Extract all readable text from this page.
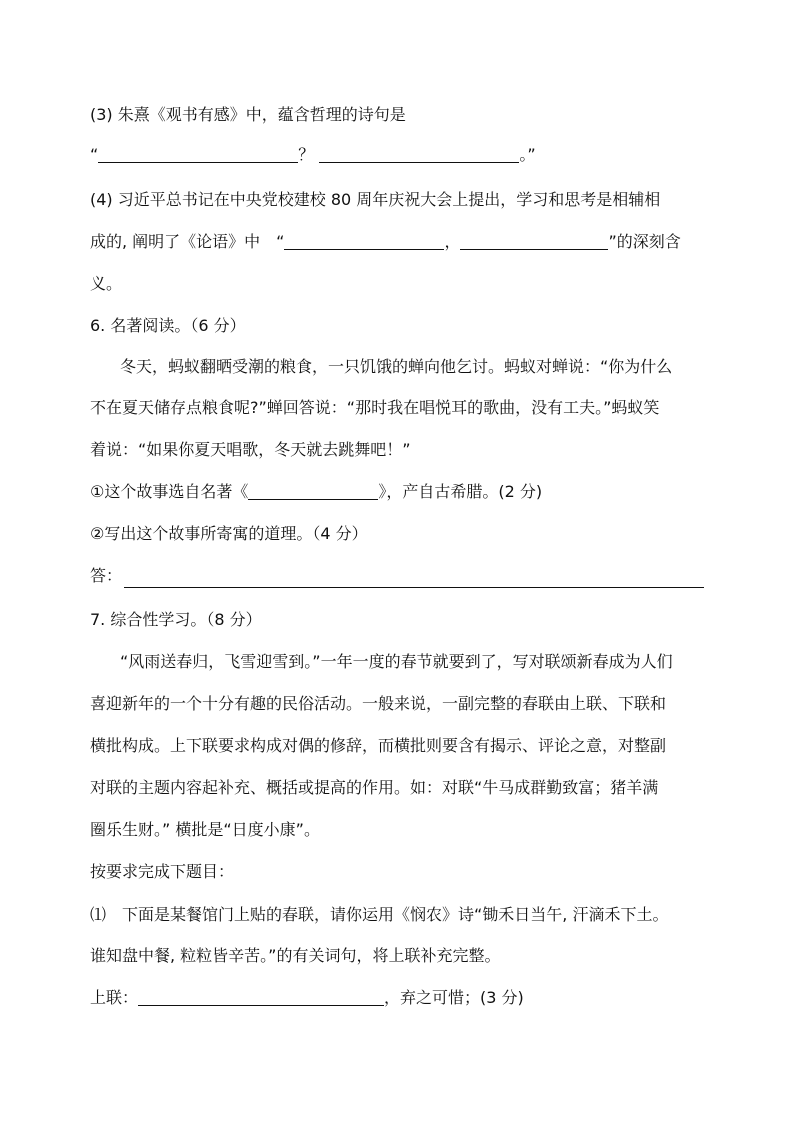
(3) 朱熹《观书有感》中，蕴含哲理的诗句是
“	？	。”
(4) 习近平总书记在中央党校建校 80 周年庆祝大会上提出，学习和思考是相辅相
成的, 阐明了《论语》中　“	，	”的深刻含
义。
6. 名著阅读。（6 分）
冬天，蚂蚁翻晒受潮的粮食，一只饥饿的蝉向他乞讨。蚂蚁对蝉说：“你为什么
不在夏天储存点粮食呢?”蝉回答说：“那时我在唱悦耳的歌曲，没有工夫。”蚂蚁笑
着说：“如果你夏天唱歌，冬天就去跳舞吧！”
①这个故事选自名著《	》，产自古希腊。(2 分)
②写出这个故事所寄寓的道理。（4 分）
答：
7. 综合性学习。（8 分）
“风雨送春归，飞雪迎雪到。”一年一度的春节就要到了，写对联颂新春成为人们
喜迎新年的一个十分有趣的民俗活动。一般来说，一副完整的春联由上联、下联和
横批构成。上下联要求构成对偶的修辞，而横批则要含有揭示、评论之意，对整副
对联的主题内容起补充、概括或提高的作用。如：对联“牛马成群勤致富；猪羊满
圈乐生财。” 横批是“日度小康”。
按要求完成下题目：
⑴　下面是某餐馆门上贴的春联，请你运用《悯农》诗“锄禾日当午, 汗滴禾下土。
谁知盘中餐, 粒粒皆辛苦。”的有关词句，将上联补充完整。
上联：	，弃之可惜；(3 分)
